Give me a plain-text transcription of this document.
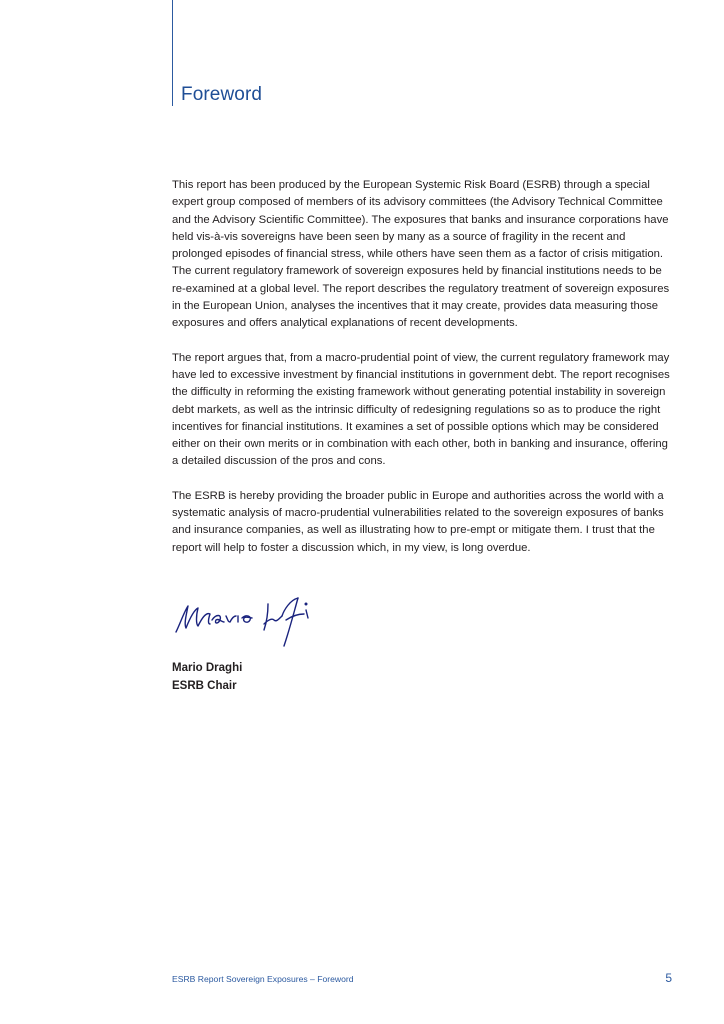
Foreword

This report has been produced by the European Systemic Risk Board (ESRB) through a special expert group composed of members of its advisory committees (the Advisory Technical Committee and the Advisory Scientific Committee). The exposures that banks and insurance corporations have held vis-à-vis sovereigns have been seen by many as a source of fragility in the recent and prolonged episodes of financial stress, while others have seen them as a factor of crisis mitigation. The current regulatory framework of sovereign exposures held by financial institutions needs to be re-examined at a global level. The report describes the regulatory treatment of sovereign exposures in the European Union, analyses the incentives that it may create, provides data measuring those exposures and offers analytical explanations of recent developments.

The report argues that, from a macro-prudential point of view, the current regulatory framework may have led to excessive investment by financial institutions in government debt. The report recognises the difficulty in reforming the existing framework without generating potential instability in sovereign debt markets, as well as the intrinsic difficulty of redesigning regulations so as to produce the right incentives for financial institutions. It examines a set of possible options which may be considered either on their own merits or in combination with each other, both in banking and insurance, offering a detailed discussion of the pros and cons.

The ESRB is hereby providing the broader public in Europe and authorities across the world with a systematic analysis of macro-prudential vulnerabilities related to the sovereign exposures of banks and insurance companies, as well as illustrating how to pre-empt or mitigate them. I trust that the report will help to foster a discussion which, in my view, is long overdue.

Mario Draghi
ESRB Chair
ESRB Report Sovereign Exposures – Foreword	5
